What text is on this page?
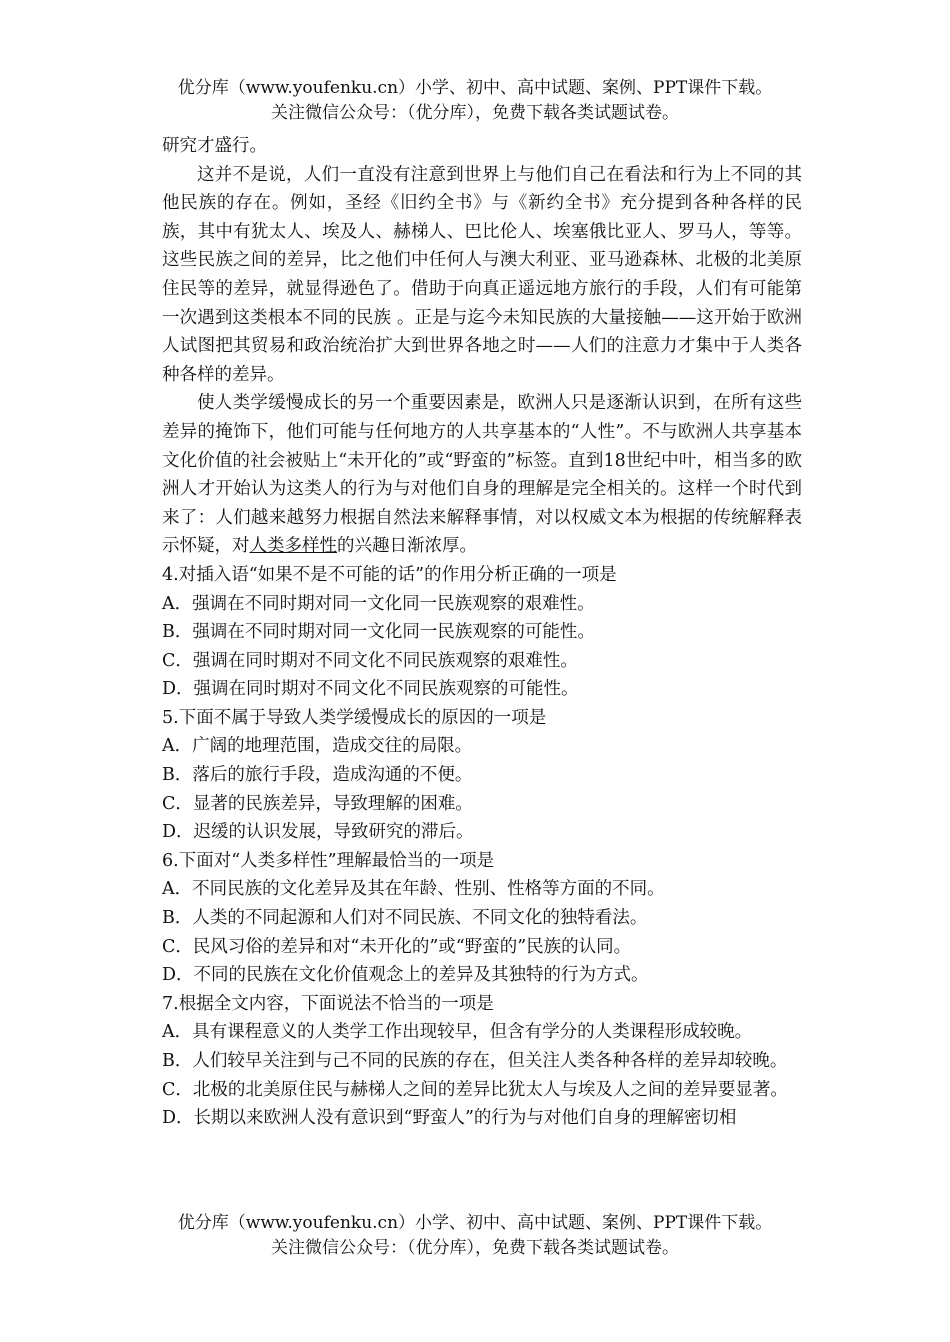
优分库（www.youfenku.cn）小学、初中、高中试题、案例、PPT课件下载。
关注微信公众号：（优分库），免费下载各类试题试卷。

研究才盛行。

这并不是说，人们一直没有注意到世界上与他们自己在看法和行为上不同的其他民族的存在。例如，圣经《旧约全书》与《新约全书》充分提到各种各样的民族，其中有犹太人、埃及人、赫梯人、巴比伦人、埃塞俄比亚人、罗马人，等等。这些民族之间的差异，比之他们中任何人与澳大利亚、亚马逊森林、北极的北美原住民等的差异，就显得逊色了。借助于向真正遥远地方旅行的手段，人们有可能第一次遇到这类根本不同的民族 。正是与迄今未知民族的大量接触——这开始于欧洲人试图把其贸易和政治统治扩大到世界各地之时——人们的注意力才集中于人类各种各样的差异。

使人类学缓慢成长的另一个重要因素是，欧洲人只是逐渐认识到，在所有这些差异的掩饰下，他们可能与任何地方的人共享基本的“人性”。不与欧洲人共享基本文化价值的社会被贴上“未开化的”或“野蛮的”标签。直到18世纪中叶，相当多的欧洲人才开始认为这类人的行为与对他们自身的理解是完全相关的。这样一个时代到来了：人们越来越努力根据自然法来解释事情，对以权威文本为根据的传统解释表示怀疑，对人类多样性的兴趣日渐浓厚。

4.对插入语“如果不是不可能的话”的作用分析正确的一项是

A．强调在不同时期对同一文化同一民族观察的艰难性。

B．强调在不同时期对同一文化同一民族观察的可能性。

C．强调在同时期对不同文化不同民族观察的艰难性。

D．强调在同时期对不同文化不同民族观察的可能性。

5.下面不属于导致人类学缓慢成长的原因的一项是

A．广阔的地理范围，造成交往的局限。

B．落后的旅行手段，造成沟通的不便。

C．显著的民族差异，导致理解的困难。

D．迟缓的认识发展，导致研究的滞后。

6.下面对“人类多样性”理解最恰当的一项是

A．不同民族的文化差异及其在年龄、性别、性格等方面的不同。

B．人类的不同起源和人们对不同民族、不同文化的独特看法。

C．民风习俗的差异和对“未开化的”或“野蛮的”民族的认同。

D．不同的民族在文化价值观念上的差异及其独特的行为方式。

7.根据全文内容，下面说法不恰当的一项是

A．具有课程意义的人类学工作出现较早，但含有学分的人类课程形成较晚。

B．人们较早关注到与己不同的民族的存在，但关注人类各种各样的差异却较晚。

C．北极的北美原住民与赫梯人之间的差异比犹太人与埃及人之间的差异要显著。

D．长期以来欧洲人没有意识到“野蛮人”的行为与对他们自身的理解密切相

优分库（www.youfenku.cn）小学、初中、高中试题、案例、PPT课件下载。
关注微信公众号：（优分库），免费下载各类试题试卷。
